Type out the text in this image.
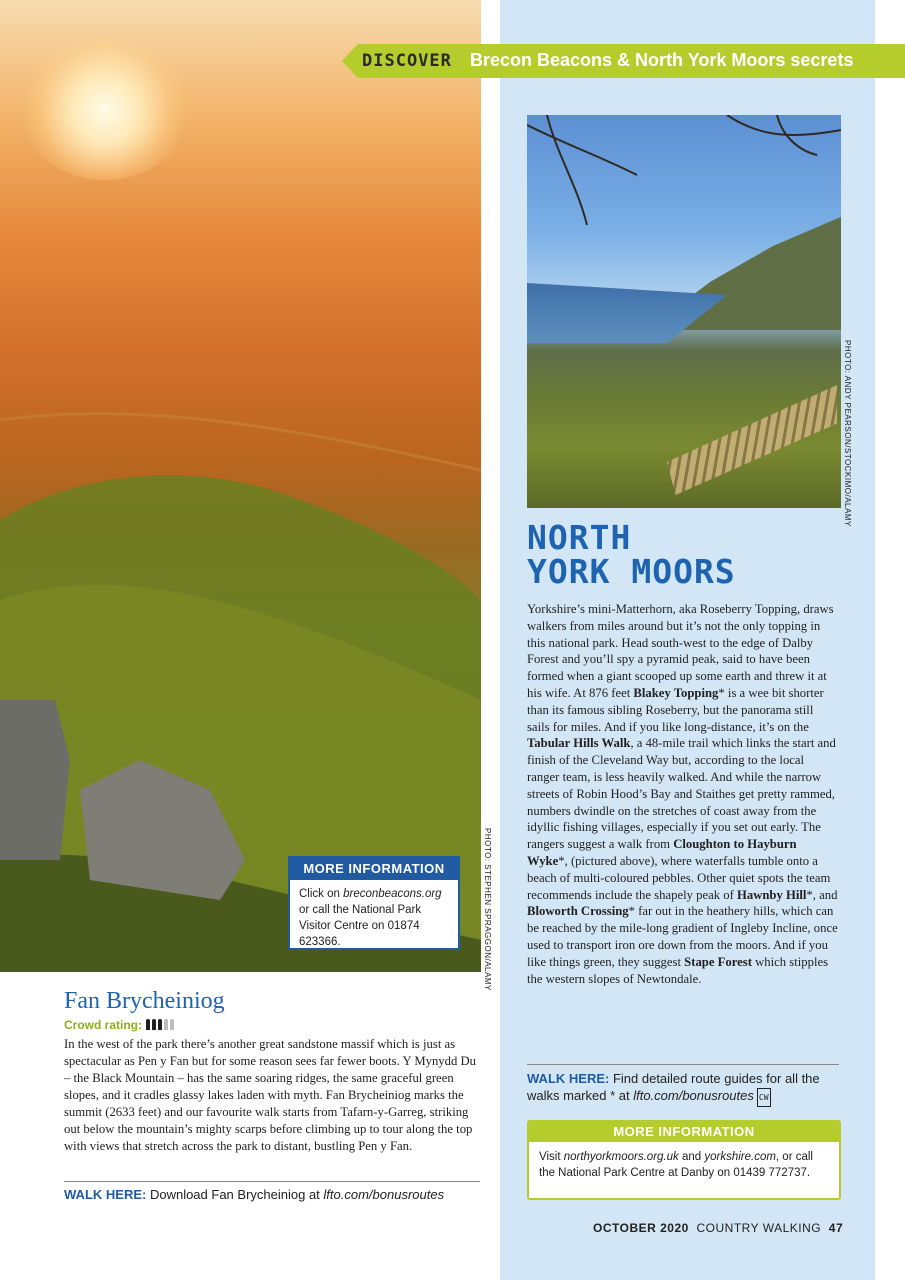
PHOTO: STEPHEN SPRAGGON/ALAMY
MORE INFORMATION
Click on breconbeacons.org or call the National Park Visitor Centre on 01874 623366.
DISCOVER Brecon Beacons & North York Moors secrets
PHOTO: ANDY PEARSON/STOCKIMO/ALAMY
NORTH
YORK MOORS
Yorkshire’s mini-Matterhorn, aka Roseberry Topping, draws walkers from miles around but it’s not the only topping in this national park. Head south-west to the edge of Dalby Forest and you’ll spy a pyramid peak, said to have been formed when a giant scooped up some earth and threw it at his wife. At 876 feet Blakey Topping* is a wee bit shorter than its famous sibling Roseberry, but the panorama still sails for miles. And if you like long-distance, it’s on the Tabular Hills Walk, a 48-mile trail which links the start and finish of the Cleveland Way but, according to the local ranger team, is less heavily walked. And while the narrow streets of Robin Hood’s Bay and Staithes get pretty rammed, numbers dwindle on the stretches of coast away from the idyllic fishing villages, especially if you set out early. The rangers suggest a walk from Cloughton to Hayburn Wyke*, (pictured above), where waterfalls tumble onto a beach of multi-coloured pebbles. Other quiet spots the team recommends include the shapely peak of Hawnby Hill*, and Bloworth Crossing* far out in the heathery hills, which can be reached by the mile-long gradient of Ingleby Incline, once used to transport iron ore down from the moors. And if you like things green, they suggest Stape Forest which stipples the western slopes of Newtondale.
WALK HERE: Find detailed route guides for all the walks marked * at lfto.com/bonusroutes CW
MORE INFORMATION
Visit northyorkmoors.org.uk and yorkshire.com, or call the National Park Centre at Danby on 01439 772737.
Fan Brycheiniog
Crowd rating:
In the west of the park there’s another great sandstone massif which is just as spectacular as Pen y Fan but for some reason sees far fewer boots. Y Mynydd Du – the Black Mountain – has the same soaring ridges, the same graceful green slopes, and it cradles glassy lakes laden with myth. Fan Brycheiniog marks the summit (2633 feet) and our favourite walk starts from Tafarn-y-Garreg, striking out below the mountain’s mighty scarps before climbing up to tour along the top with views that stretch across the park to distant, bustling Pen y Fan.
WALK HERE: Download Fan Brycheiniog at lfto.com/bonusroutes
OCTOBER 2020 COUNTRY WALKING 47
